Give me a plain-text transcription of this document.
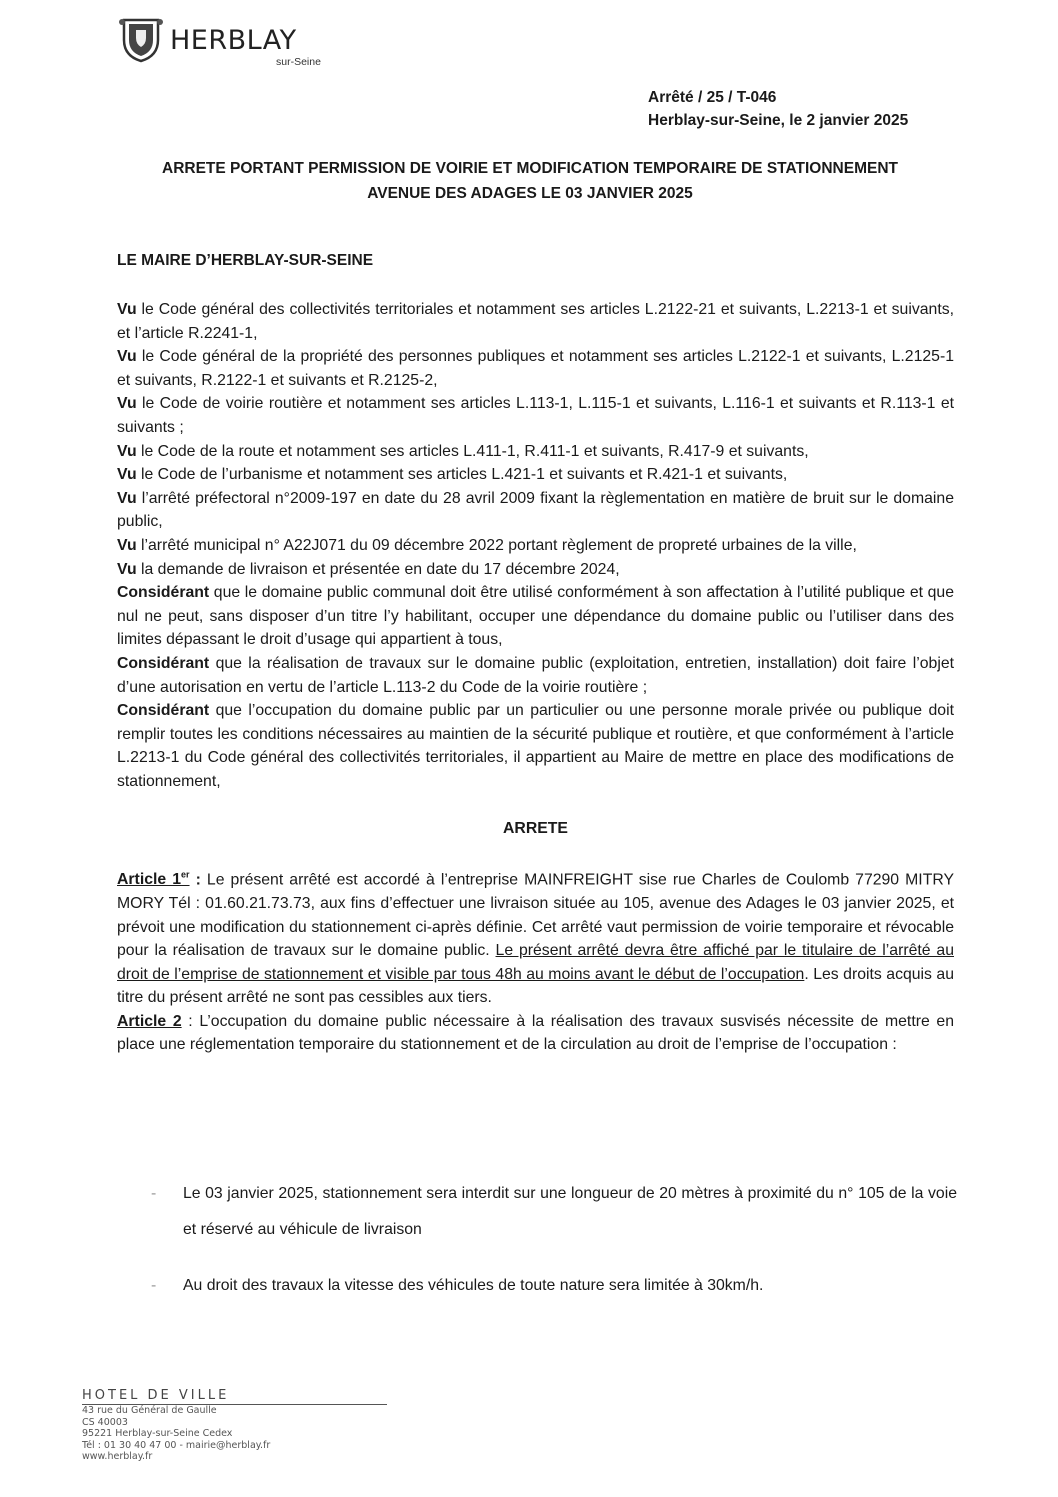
HERBLAY
sur-Seine
Arrêté / 25 / T-046
Herblay-sur-Seine, le 2 janvier 2025
ARRETE PORTANT PERMISSION DE VOIRIE ET MODIFICATION TEMPORAIRE DE STATIONNEMENT
AVENUE DES ADAGES LE 03 JANVIER 2025
LE MAIRE D’HERBLAY-SUR-SEINE

Vu le Code général des collectivités territoriales et notamment ses articles L.2122-21 et suivants, L.2213-1 et suivants, et l’article R.2241-1,

Vu le Code général de la propriété des personnes publiques et notamment ses articles L.2122-1 et suivants, L.2125-1 et suivants, R.2122-1 et suivants et R.2125-2,

Vu le Code de voirie routière et notamment ses articles L.113-1, L.115-1 et suivants, L.116-1 et suivants et R.113-1 et suivants ;

Vu le Code de la route et notamment ses articles L.411-1, R.411-1 et suivants, R.417-9 et suivants,

Vu le Code de l’urbanisme et notamment ses articles L.421-1 et suivants et R.421-1 et suivants,

Vu l’arrêté préfectoral n°2009-197 en date du 28 avril 2009 fixant la règlementation en matière de bruit sur le domaine public,

Vu l’arrêté municipal n° A22J071 du 09 décembre 2022 portant règlement de propreté urbaines de la ville,

Vu la demande de livraison et présentée en date du 17 décembre 2024,

Considérant que le domaine public communal doit être utilisé conformément à son affectation à l’utilité publique et que nul ne peut, sans disposer d’un titre l’y habilitant, occuper une dépendance du domaine public ou l’utiliser dans des limites dépassant le droit d’usage qui appartient à tous,

Considérant que la réalisation de travaux sur le domaine public (exploitation, entretien, installation) doit faire l’objet d’une autorisation en vertu de l’article L.113-2 du Code de la voirie routière ;

Considérant que l’occupation du domaine public par un particulier ou une personne morale privée ou publique doit remplir toutes les conditions nécessaires au maintien de la sécurité publique et routière, et que conformément à l’article L.2213-1 du Code général des collectivités territoriales, il appartient au Maire de mettre en place des modifications de stationnement,

ARRETE

Article 1er : Le présent arrêté est accordé à l’entreprise MAINFREIGHT sise rue Charles de Coulomb 77290 MITRY MORY Tél : 01.60.21.73.73, aux fins d’effectuer une livraison située au 105, avenue des Adages le 03 janvier 2025, et prévoit une modification du stationnement ci-après définie. Cet arrêté vaut permission de voirie temporaire et révocable pour la réalisation de travaux sur le domaine public. Le présent arrêté devra être affiché par le titulaire de l’arrêté au droit de l’emprise de stationnement et visible par tous 48h au moins avant le début de l’occupation. Les droits acquis au titre du présent arrêté ne sont pas cessibles aux tiers.

Article 2 : L’occupation du domaine public nécessaire à la réalisation des travaux susvisés nécessite de mettre en place une réglementation temporaire du stationnement et de la circulation au droit de l’emprise de l’occupation :

- Le 03 janvier 2025, stationnement sera interdit sur une longueur de 20 mètres à proximité du n° 105 de la voie et réservé au véhicule de livraison
- Au droit des travaux la vitesse des véhicules de toute nature sera limitée à 30km/h.
HOTEL DE VILLE
43 rue du Général de Gaulle
CS 40003
95221 Herblay-sur-Seine Cedex
Tél : 01 30 40 47 00 - mairie@herblay.fr
www.herblay.fr
